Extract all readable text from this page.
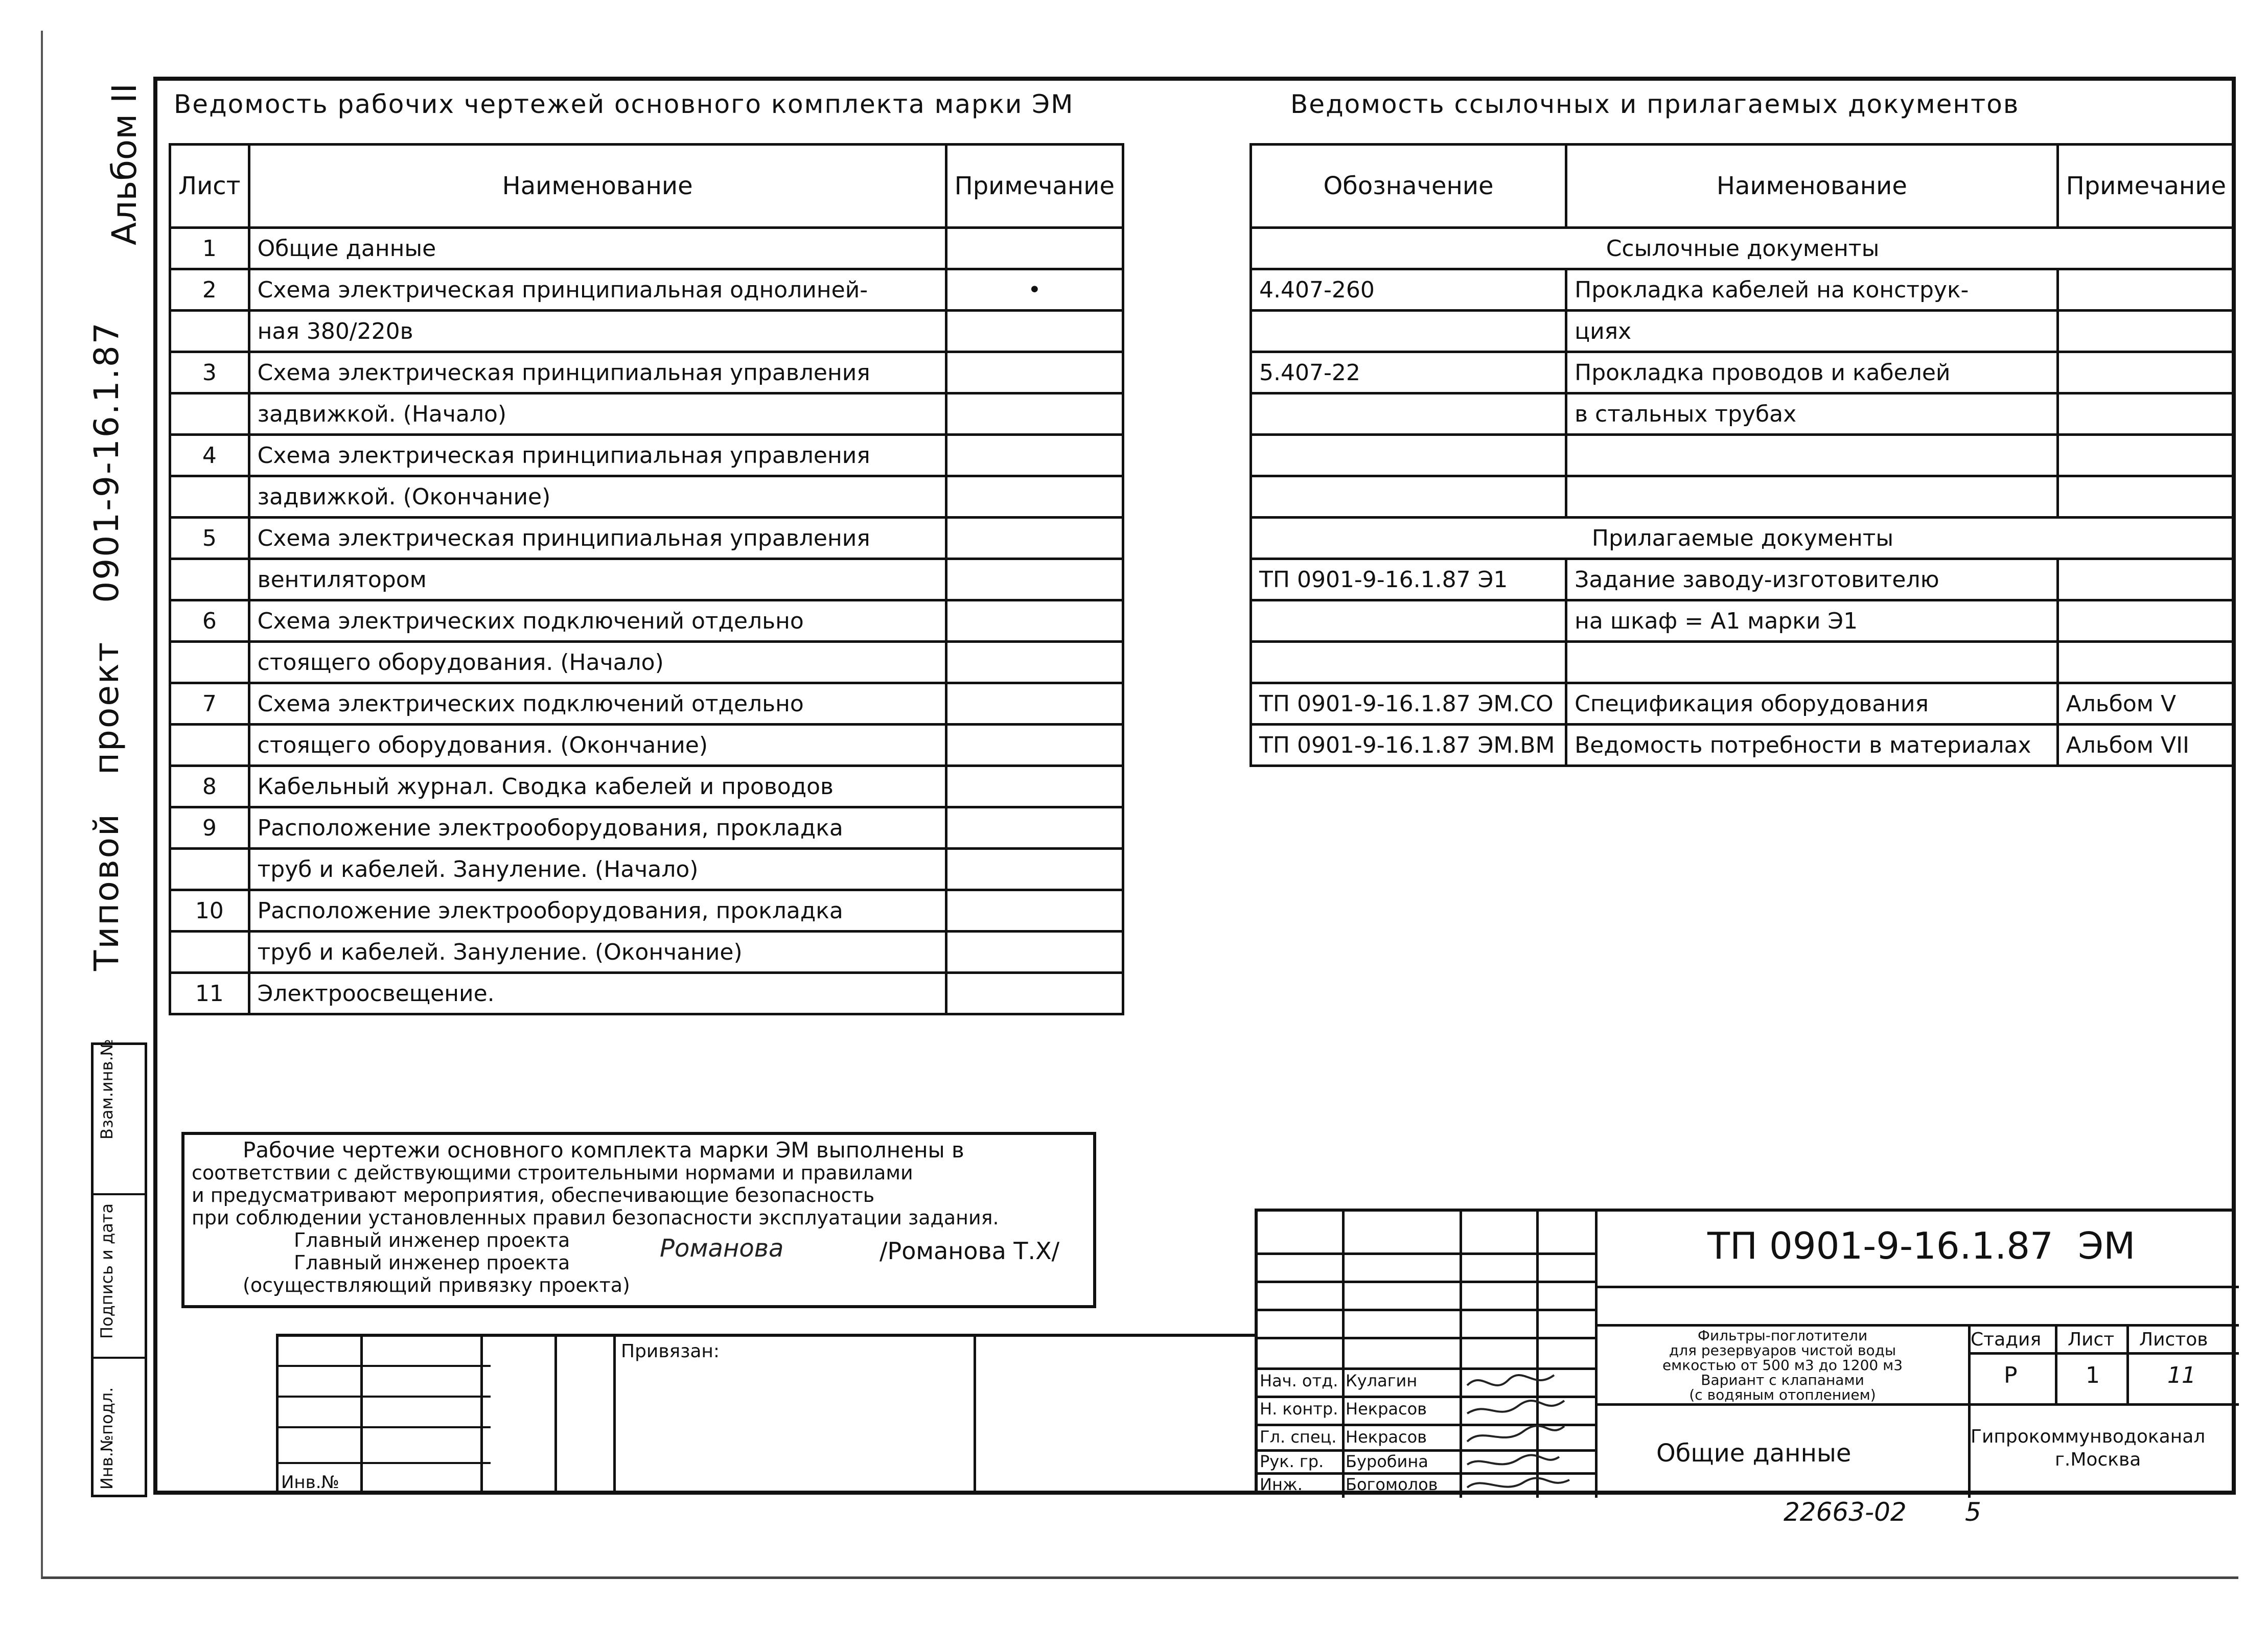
Типовой проект 0901-9-16.1.87
Альбом II
Взам.инв.№
Подпись и дата
Инв.№подл.
Ведомость рабочих чертежей основного комплекта марки ЭМ
Лист	Наименование	Примечание
1	Общие данные	
2	Схема электрическая принципиальная однолиней-	•
	ная 380/220в	
3	Схема электрическая принципиальная управления	
	задвижкой. (Начало)	
4	Схема электрическая принципиальная управления	
	задвижкой. (Окончание)	
5	Схема электрическая принципиальная управления	
	вентилятором	
6	Схема электрических подключений отдельно	
	стоящего оборудования. (Начало)	
7	Схема электрических подключений отдельно	
	стоящего оборудования. (Окончание)	
8	Кабельный журнал. Сводка кабелей и проводов	
9	Расположение электрооборудования, прокладка	
	труб и кабелей. Зануление. (Начало)	
10	Расположение электрооборудования, прокладка	
	труб и кабелей. Зануление. (Окончание)	
11	Электроосвещение.	
Ведомость ссылочных и прилагаемых документов
Обозначение	Наименование	Примечание
Ссылочные документы		
4.407-260	Прокладка кабелей на конструк-	
	циях	
5.407-22	Прокладка проводов и кабелей	
	в стальных трубах	

Прилагаемые документы		
ТП 0901-9-16.1.87 Э1	Задание заводу-изготовителю	
	на шкаф = А1 марки Э1	

ТП 0901-9-16.1.87 ЭМ.СО	Спецификация оборудования	Альбом V
ТП 0901-9-16.1.87 ЭМ.ВМ	Ведомость потребности в материалах	Альбом VII
Рабочие чертежи основного комплекта марки ЭМ выполнены в
соответствии с действующими строительными нормами и правилами
и предусматривают мероприятия, обеспечивающие безопасность
при соблюдении установленных правил безопасности эксплуатации задания.
Главный инженер проекта
Главный инженер проекта
(осуществляющий привязку проекта)
Романова	/Романова Т.Х/
Привязан:
Инв.№
ТП 0901-9-16.1.87 ЭМ
Фильтры-поглотители
для резервуаров чистой воды
емкостью от 500 м3 до 1200 м3
Вариант с клапанами
(с водяным отоплением)
Общие данные
Стадия Лист Листов
Р	1	11
Гипрокоммунводоканал
г.Москва
Нач. отд. Кулагин
Н. контр. Некрасов
Гл. спец. Некрасов
Рук. гр. Буробина
Инж.	Богомолов
22663-02 5
